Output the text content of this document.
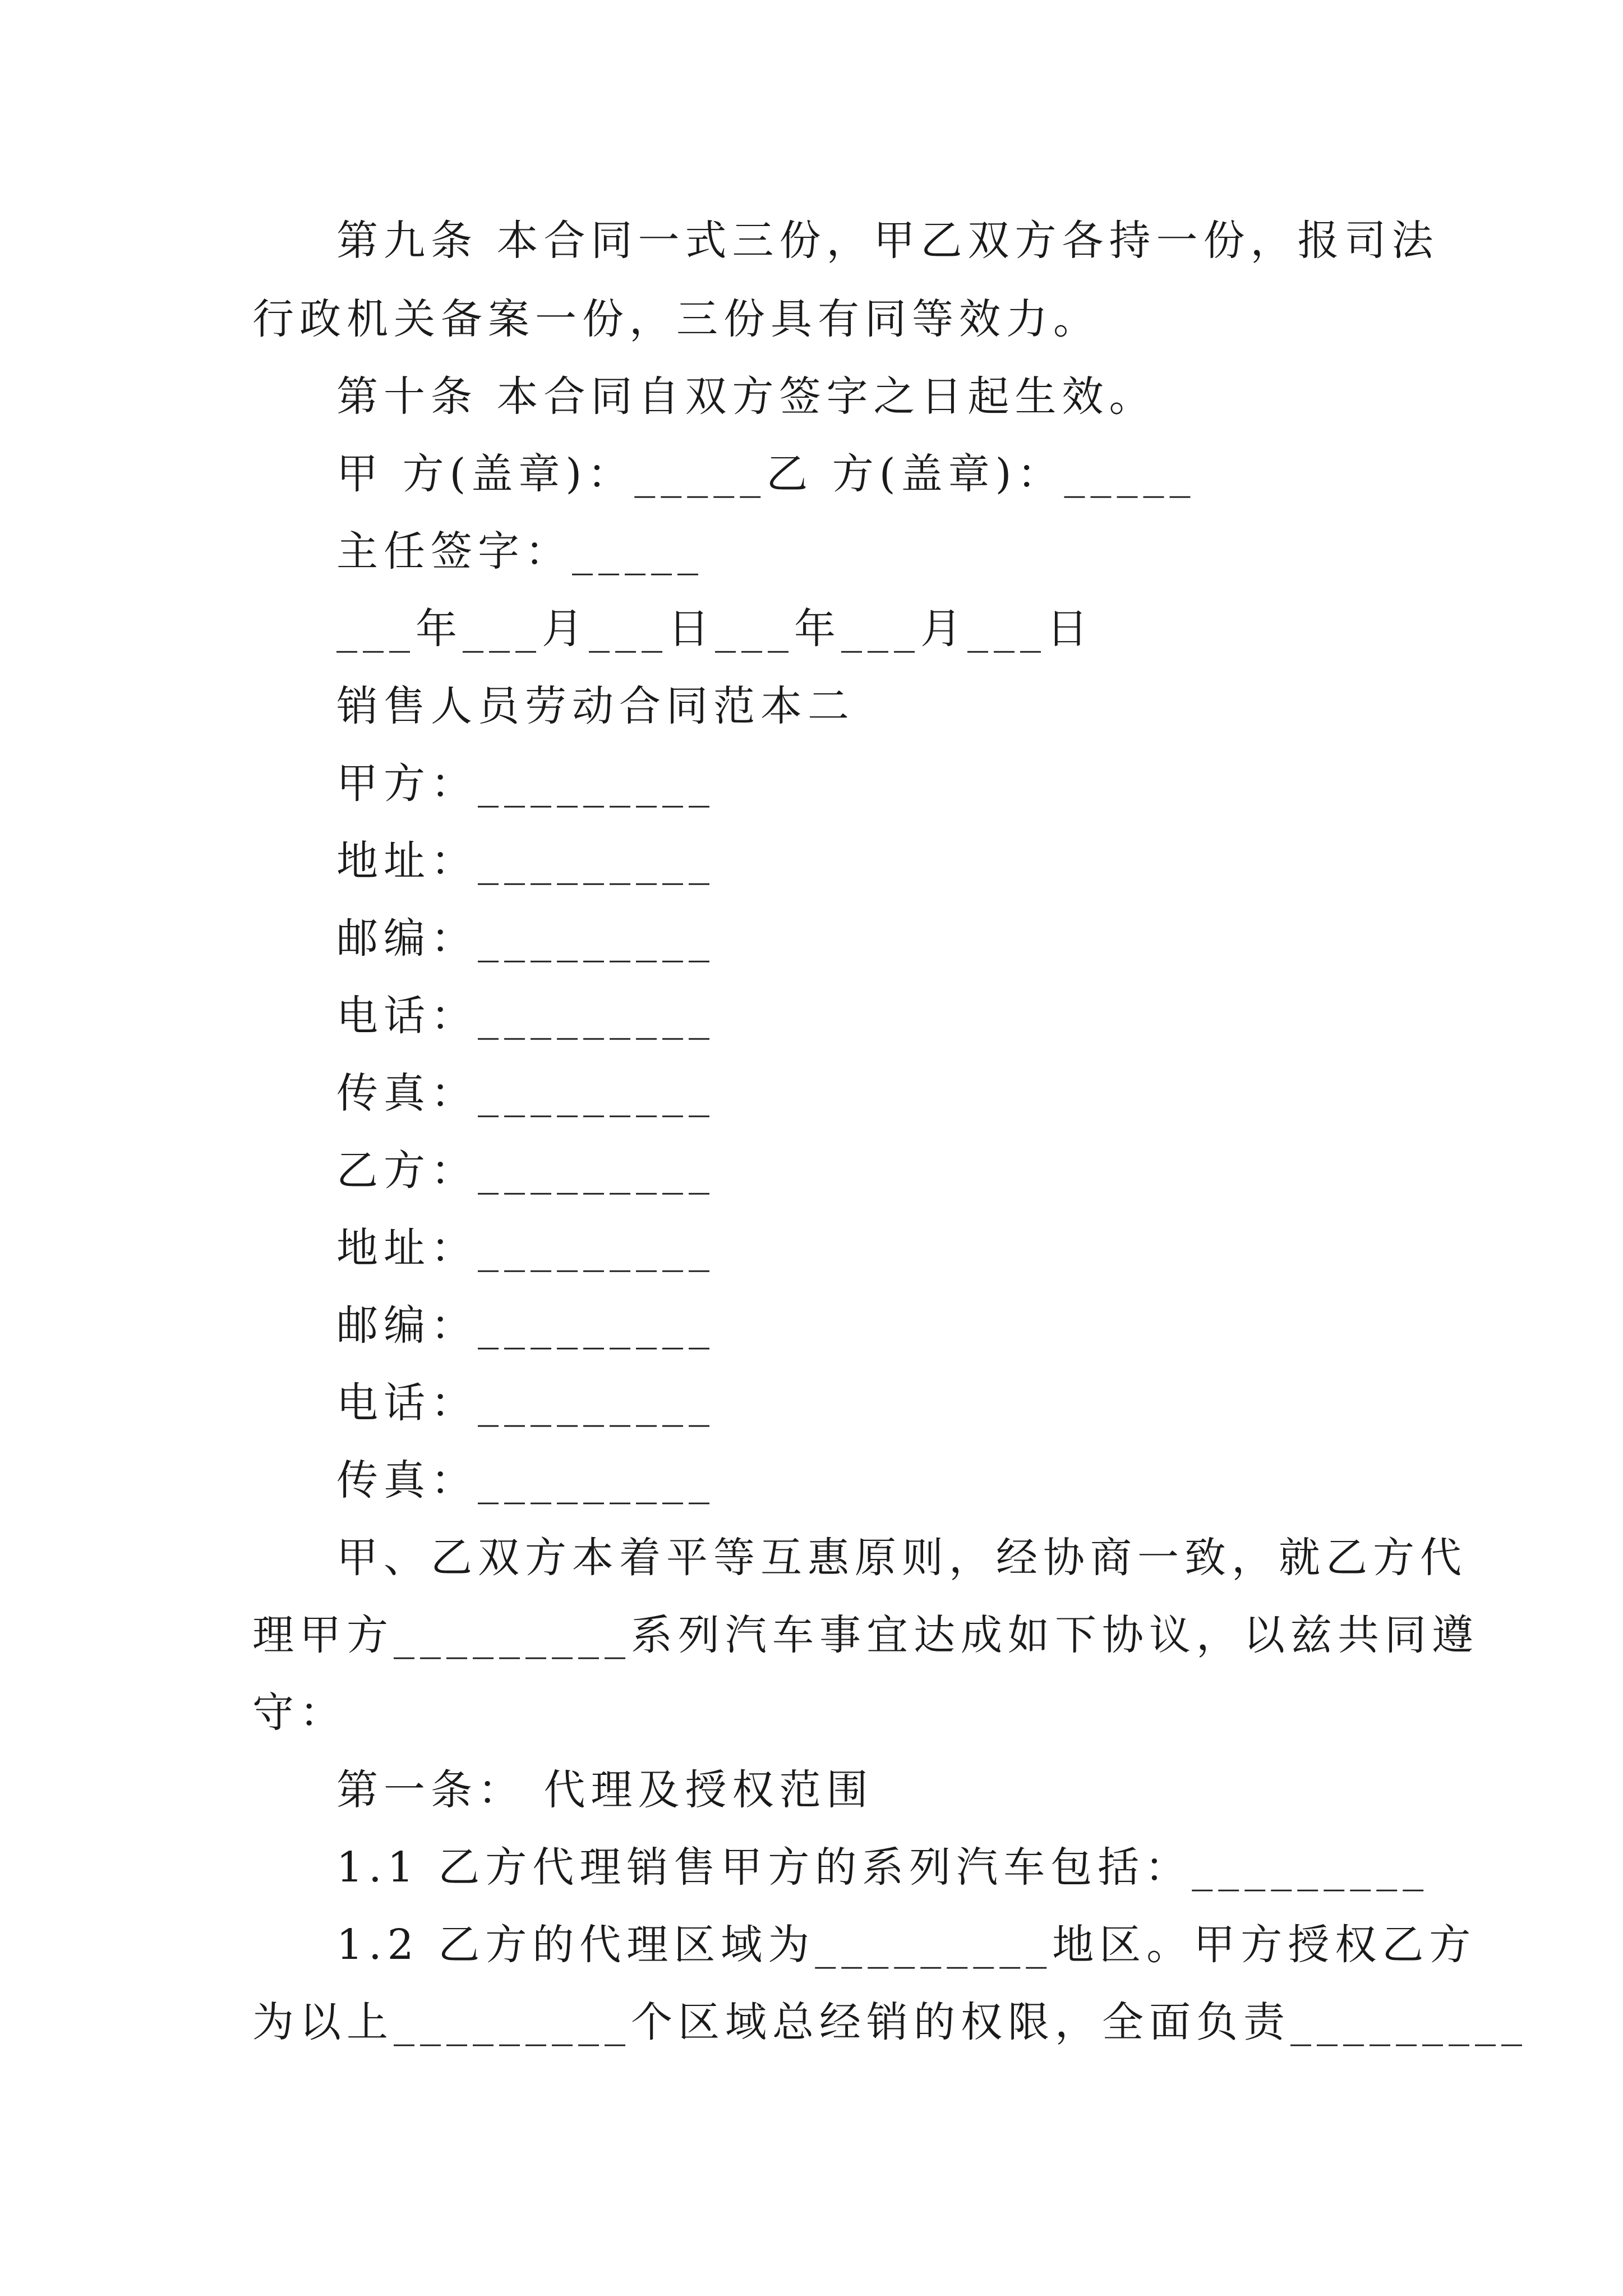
第九条 本合同一式三份，甲乙双方各持一份，报司法
行政机关备案一份，三份具有同等效力。
第十条 本合同自双方签字之日起生效。
甲 方(盖章)：_____乙 方(盖章)：_____
主任签字：_____
___年___月___日___年___月___日
销售人员劳动合同范本二
甲方：_________
地址：_________
邮编：_________
电话：_________
传真：_________
乙方：_________
地址：_________
邮编：_________
电话：_________
传真：_________
甲、乙双方本着平等互惠原则，经协商一致，就乙方代
理甲方_________系列汽车事宜达成如下协议，以兹共同遵
守：
第一条： 代理及授权范围
1.1 乙方代理销售甲方的系列汽车包括：_________
1.2 乙方的代理区域为_________地区。甲方授权乙方
为以上_________个区域总经销的权限，全面负责_________
